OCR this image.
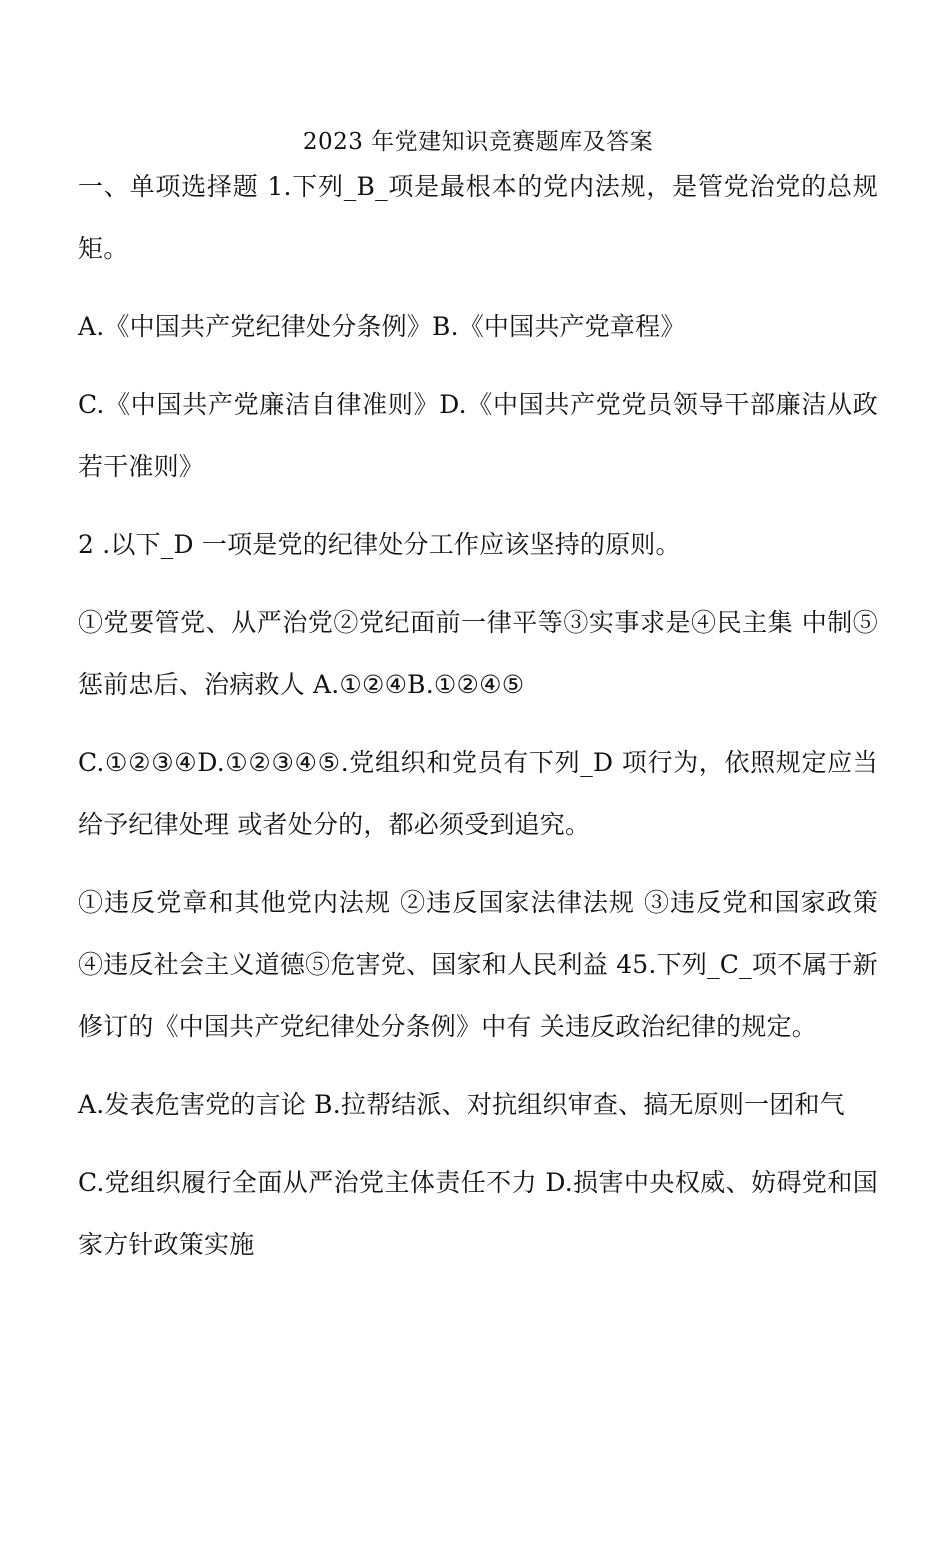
2023 年党建知识竞赛题库及答案

一、单项选择题 1.下列_B_项是最根本的党内法规，是管党治党的总规矩。

A.《中国共产党纪律处分条例》B.《中国共产党章程》

C.《中国共产党廉洁自律准则》D.《中国共产党党员领导干部廉洁从政若干准则》

2 .以下_D 一项是党的纪律处分工作应该坚持的原则。

①党要管党、从严治党②党纪面前一律平等③实事求是④民主集 中制⑤惩前忠后、治病救人 A.①②④B.①②④⑤

C.①②③④D.①②③④⑤.党组织和党员有下列_D 项行为，依照规定应当给予纪律处理 或者处分的，都必须受到追究。

①违反党章和其他党内法规 ②违反国家法律法规 ③违反党和国家政策 ④违反社会主义道德⑤危害党、国家和人民利益 45.下列_C_项不属于新修订的《中国共产党纪律处分条例》中有 关违反政治纪律的规定。

A.发表危害党的言论 B.拉帮结派、对抗组织审查、搞无原则一团和气

C.党组织履行全面从严治党主体责任不力 D.损害中央权威、妨碍党和国家方针政策实施
